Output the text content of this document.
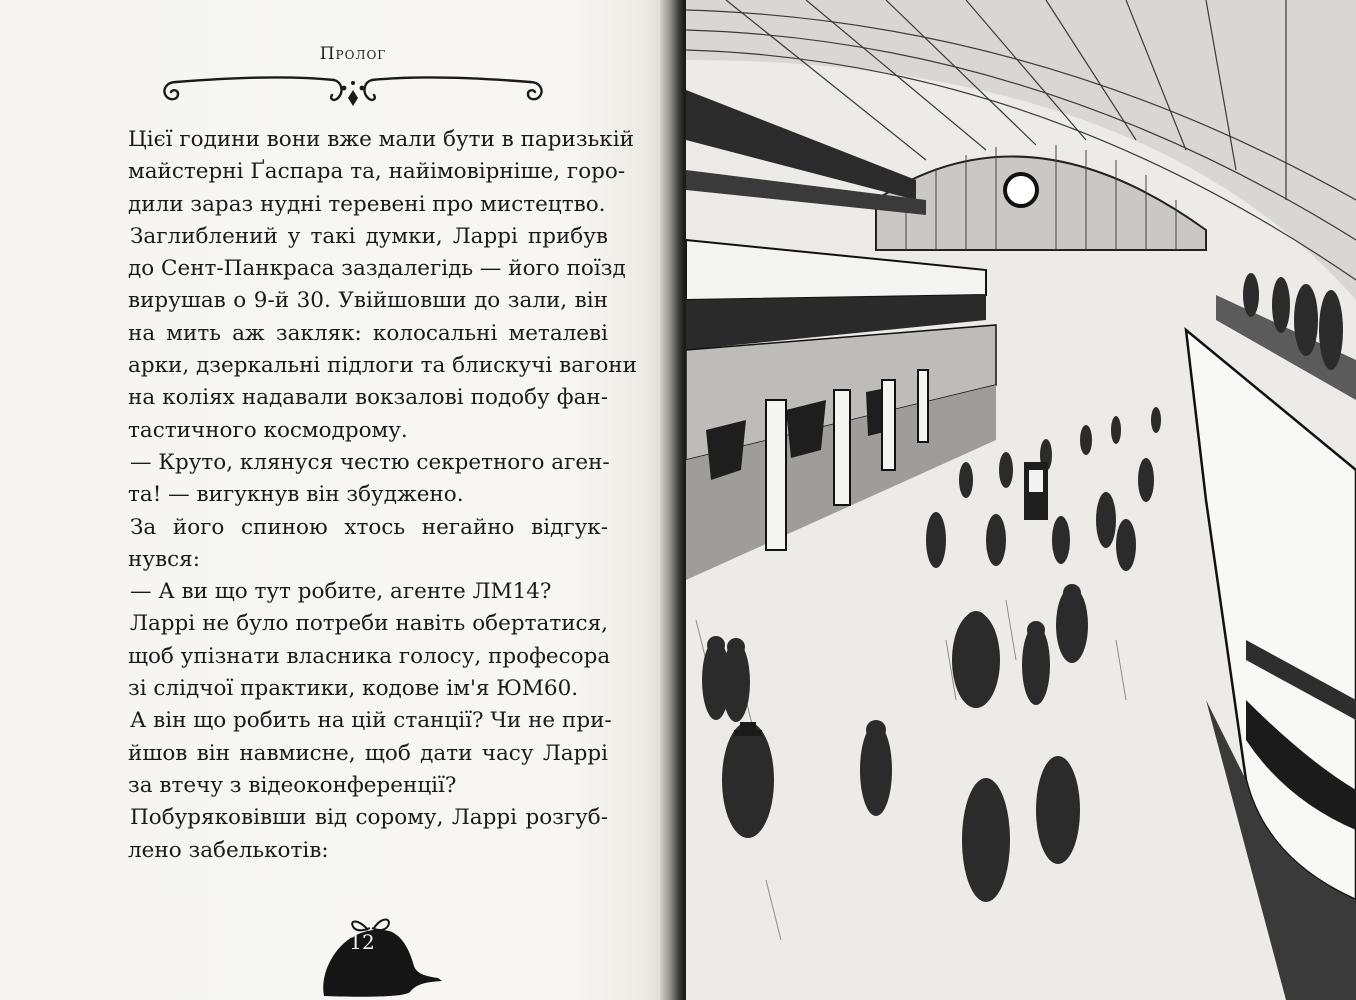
Пролог
Цієї години вони вже мали бути в паризькій
майстерні Ґаспара та, найімовірніше, горо-
дили зараз нудні теревені про мистецтво.
Заглиблений у такі думки, Ларрі прибув
до Сент-Панкраса заздалегідь — його поїзд
вирушав о 9-й 30. Увійшовши до зали, він
на мить аж закляк: колосальні металеві
арки, дзеркальні підлоги та блискучі вагони
на коліях надавали вокзалові подобу фан-
тастичного космодрому.
— Круто, клянуся честю секретного аген-
та! — вигукнув він збуджено.
За його спиною хтось негайно відгук-
нувся:
— А ви що тут робите, агенте ЛМ14?
Ларрі не було потреби навіть обертатися,
щоб упізнати власника голосу, професора
зі слідчої практики, кодове ім'я ЮМ60.
А він що робить на цій станції? Чи не при-
йшов він навмисне, щоб дати часу Ларрі
за втечу з відеоконференції?
Побуряковівши від сорому, Ларрі розгуб-
лено забелькотів:
12
